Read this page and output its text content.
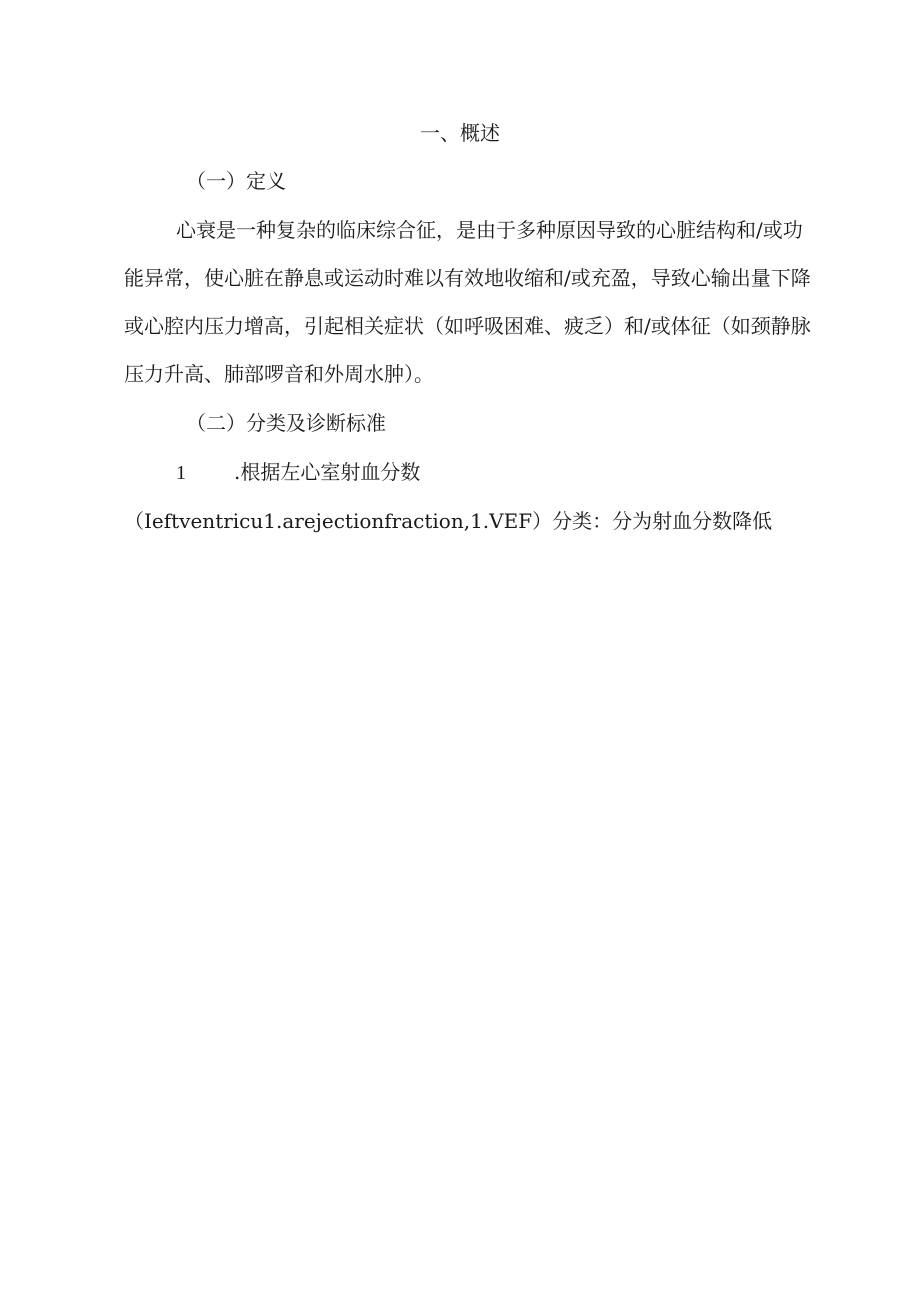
一、概述
（一）定义
心衰是一种复杂的临床综合征，是由于多种原因导致的心脏结构和/或功能异常，使心脏在静息或运动时难以有效地收缩和/或充盈，导致心输出量下降或心腔内压力增高，引起相关症状（如呼吸困难、疲乏）和/或体征（如颈静脉压力升高、肺部啰音和外周水肿）。
（二）分类及诊断标准
1 .根据左心室射血分数（Ieftventricu1.arejectionfraction,1.VEF）分类：分为射血分数降低
